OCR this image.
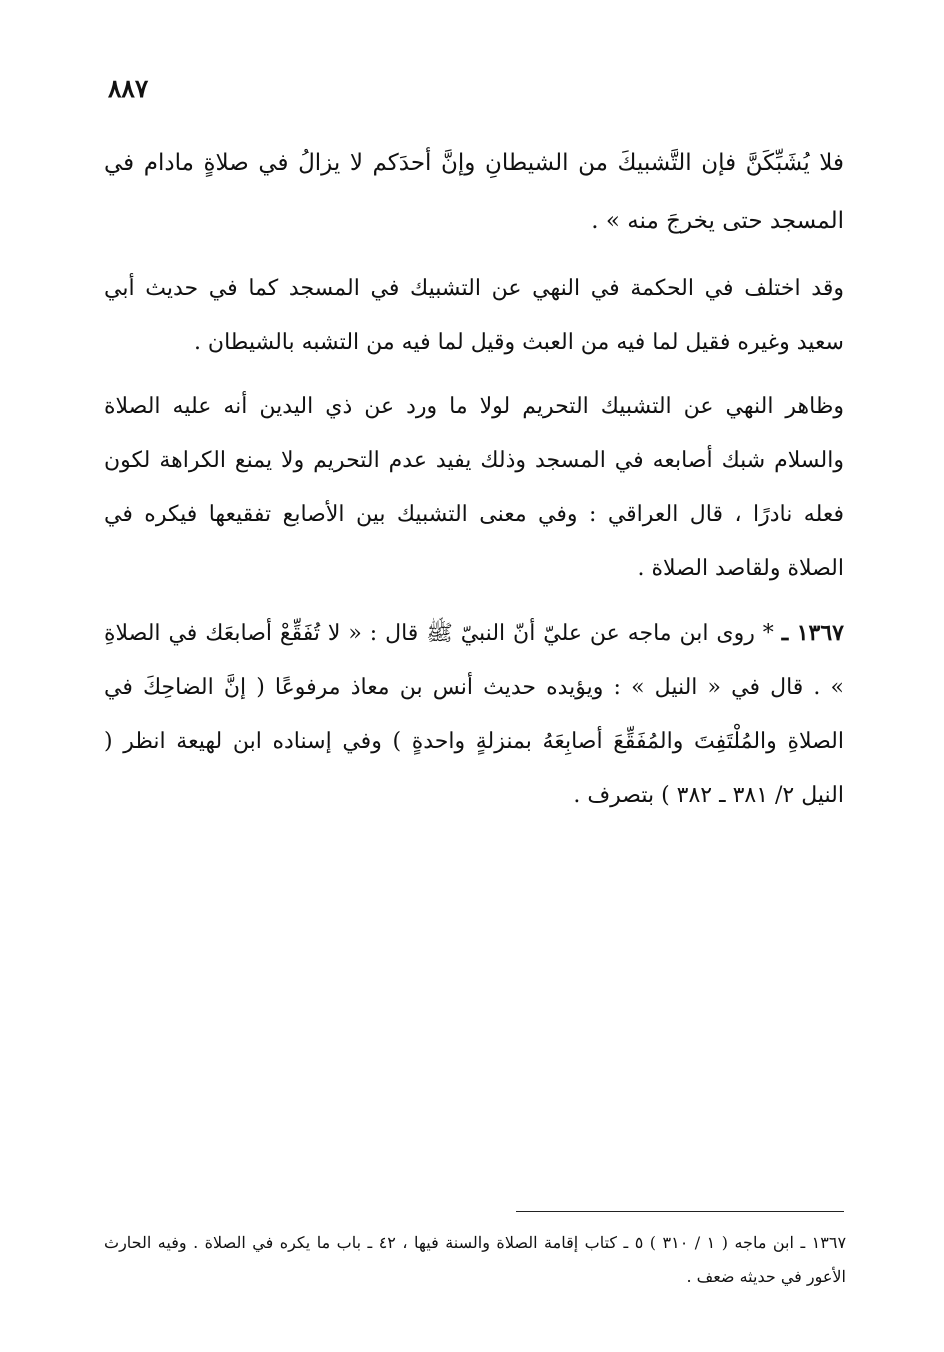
٨٨٧

فلا يُشَبِّكَنَّ فإن التَّشبيكَ من الشيطانِ وإنَّ أحدَكم لا يزالُ في صلاةٍ مادام في المسجد حتى يخرجَ منه » .

وقد اختلف في الحكمة في النهي عن التشبيك في المسجد كما في حديث أبي سعيد وغيره فقيل لما فيه من العبث وقيل لما فيه من التشبه بالشيطان .

وظاهر النهي عن التشبيك التحريم لولا ما ورد عن ذي اليدين أنه عليه الصلاة والسلام شبك أصابعه في المسجد وذلك يفيد عدم التحريم ولا يمنع الكراهة لكون فعله نادرًا ، قال العراقي : وفي معنى التشبيك بين الأصابع تفقيعها فيكره في الصلاة ولقاصد الصلاة .

١٣٦٧ ـ * روى ابن ماجه عن عليّ أنّ النبيّ ﷺ قال : « لا تُفَقِّعْ أصابعَك في الصلاةِ » . قال في « النيل » : ويؤيده حديث أنس بن معاذ مرفوعًا ( إنَّ الضاحِكَ في الصلاةِ والمُلْتَفِتَ والمُفَقِّعَ أصابِعَهُ بمنزلةٍ واحدةٍ ) وفي إسناده ابن لهيعة انظر ( النيل ٢/ ٣٨١ ـ ٣٨٢ ) بتصرف .

١٣٦٧ ـ ابن ماجه ( ١ / ٣١٠ ) ٥ ـ كتاب إقامة الصلاة والسنة فيها ، ٤٢ ـ باب ما يكره في الصلاة . وفيه الحارث الأعور في حديثه ضعف .
